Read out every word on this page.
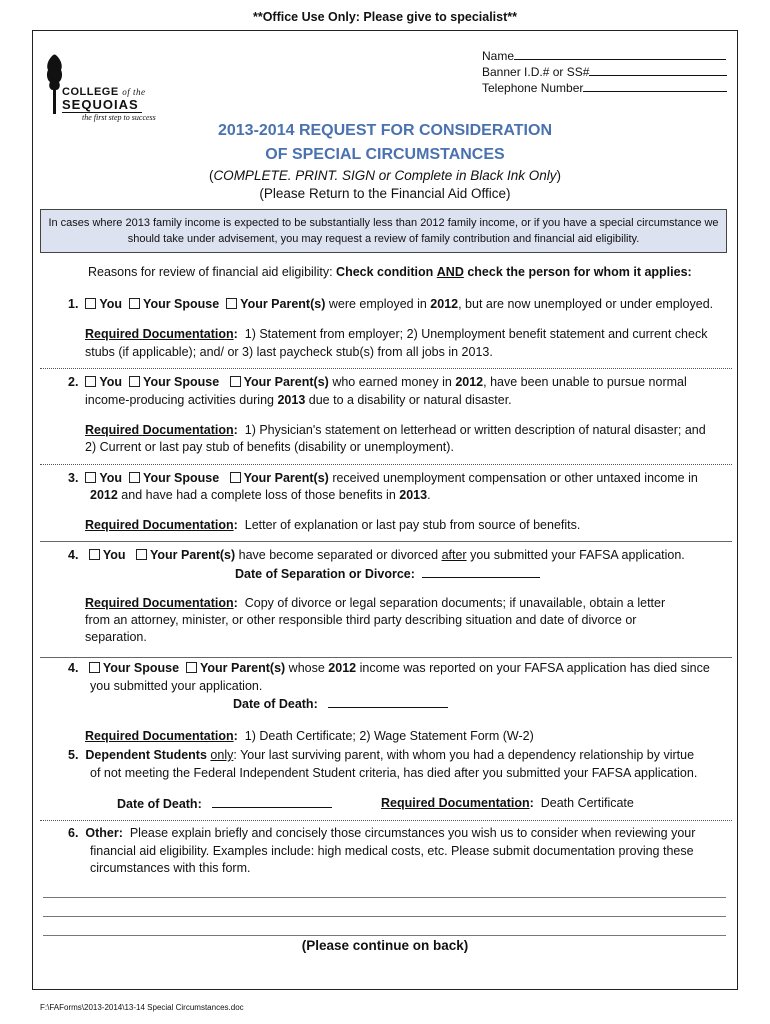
**Office Use Only: Please give to specialist**
COLLEGE of the
SEQUOIAS
the first step to success
Name
Banner I.D.# or SS#
Telephone Number
2013-2014 REQUEST FOR CONSIDERATION
OF SPECIAL CIRCUMSTANCES
(COMPLETE. PRINT. SIGN or Complete in Black Ink Only)
(Please Return to the Financial Aid Office)
In cases where 2013 family income is expected to be substantially less than 2012 family income, or if you have a special circumstance we
should take under advisement, you may request a review of family contribution and financial aid eligibility.
Reasons for review of financial aid eligibility: Check condition AND check the person for whom it applies:
1. You Your Spouse Your Parent(s) were employed in 2012, but are now unemployed or under employed.
Required Documentation: 1) Statement from employer; 2) Unemployment benefit statement and current check
stubs (if applicable); and/ or 3) last paycheck stub(s) from all jobs in 2013.
2. You Your Spouse Your Parent(s) who earned money in 2012, have been unable to pursue normal
income-producing activities during 2013 due to a disability or natural disaster.
Required Documentation: 1) Physician's statement on letterhead or written description of natural disaster; and
2) Current or last pay stub of benefits (disability or unemployment).
3. You Your Spouse Your Parent(s) received unemployment compensation or other untaxed income in
2012 and have had a complete loss of those benefits in 2013.
Required Documentation: Letter of explanation or last pay stub from source of benefits.
4. You Your Parent(s) have become separated or divorced after you submitted your FAFSA application.
Date of Separation or Divorce:
Required Documentation: Copy of divorce or legal separation documents; if unavailable, obtain a letter
from an attorney, minister, or other responsible third party describing situation and date of divorce or
separation.
4. Your Spouse Your Parent(s) whose 2012 income was reported on your FAFSA application has died since
you submitted your application.
Date of Death:
Required Documentation: 1) Death Certificate; 2) Wage Statement Form (W-2)
5. Dependent Students only: Your last surviving parent, with whom you had a dependency relationship by virtue
of not meeting the Federal Independent Student criteria, has died after you submitted your FAFSA application.
Date of Death:	Required Documentation: Death Certificate
6. Other: Please explain briefly and concisely those circumstances you wish us to consider when reviewing your
financial aid eligibility. Examples include: high medical costs, etc. Please submit documentation proving these
circumstances with this form.
(Please continue on back)
F:\FAForms\2013-2014\13-14 Special Circumstances.doc
